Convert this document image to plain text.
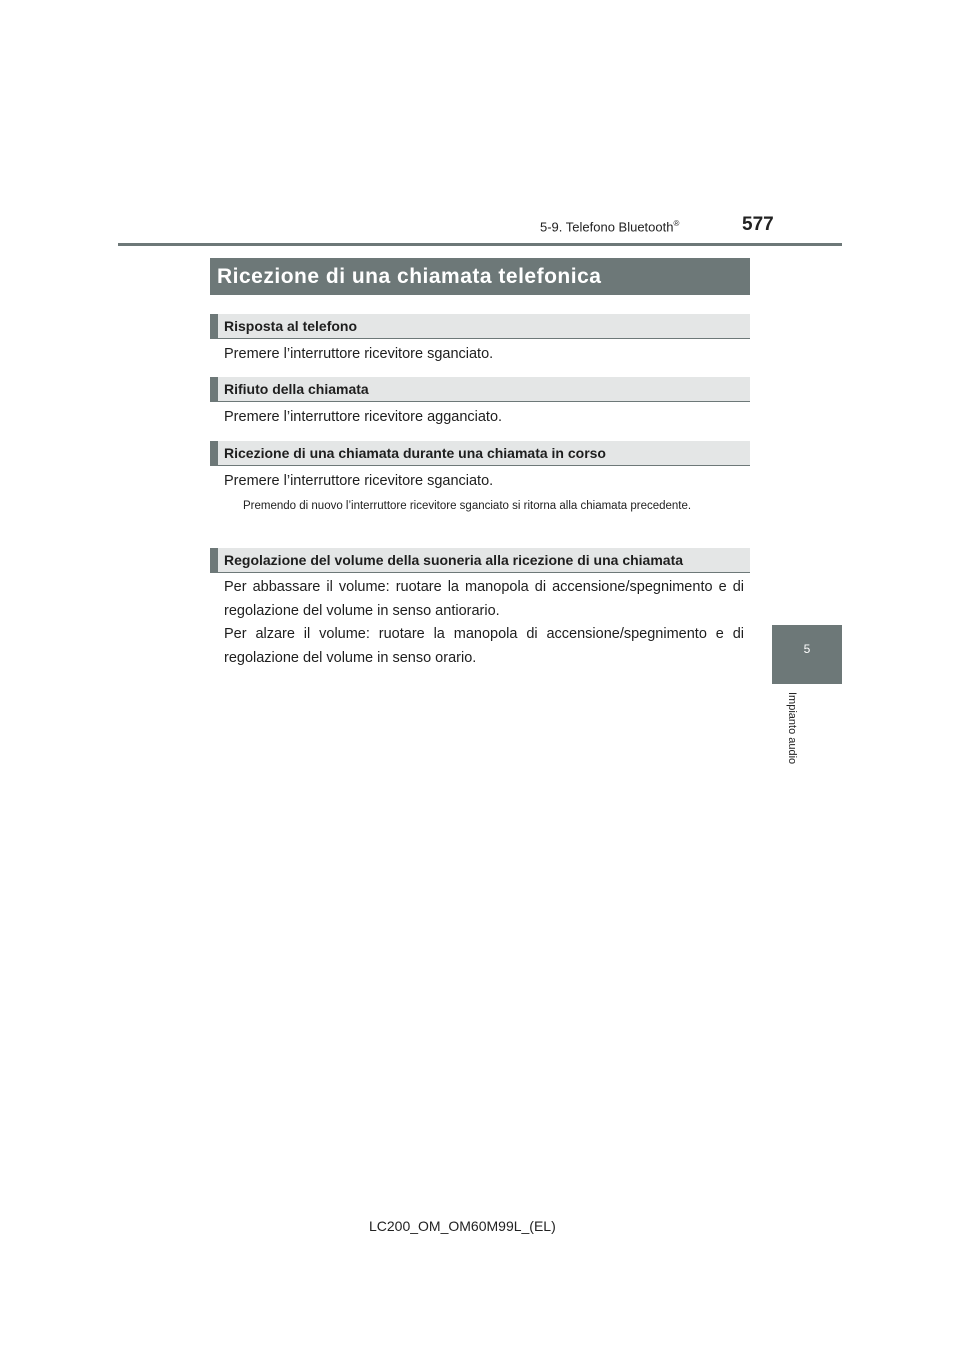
5-9. Telefono Bluetooth®	577
5
Impianto audio
Ricezione di una chiamata telefonica
Risposta al telefono
Premere l’interruttore ricevitore sganciato.
Rifiuto della chiamata
Premere l’interruttore ricevitore agganciato.
Ricezione di una chiamata durante una chiamata in corso
Premere l’interruttore ricevitore sganciato.
Premendo di nuovo l’interruttore ricevitore sganciato si ritorna alla chiamata precedente.
Regolazione del volume della suoneria alla ricezione di una chiamata
Per abbassare il volume: ruotare la manopola di accensione/spegnimento e di regolazione del volume in senso antiorario.
Per alzare il volume: ruotare la manopola di accensione/spegnimento e di regolazione del volume in senso orario.
LC200_OM_OM60M99L_(EL)
